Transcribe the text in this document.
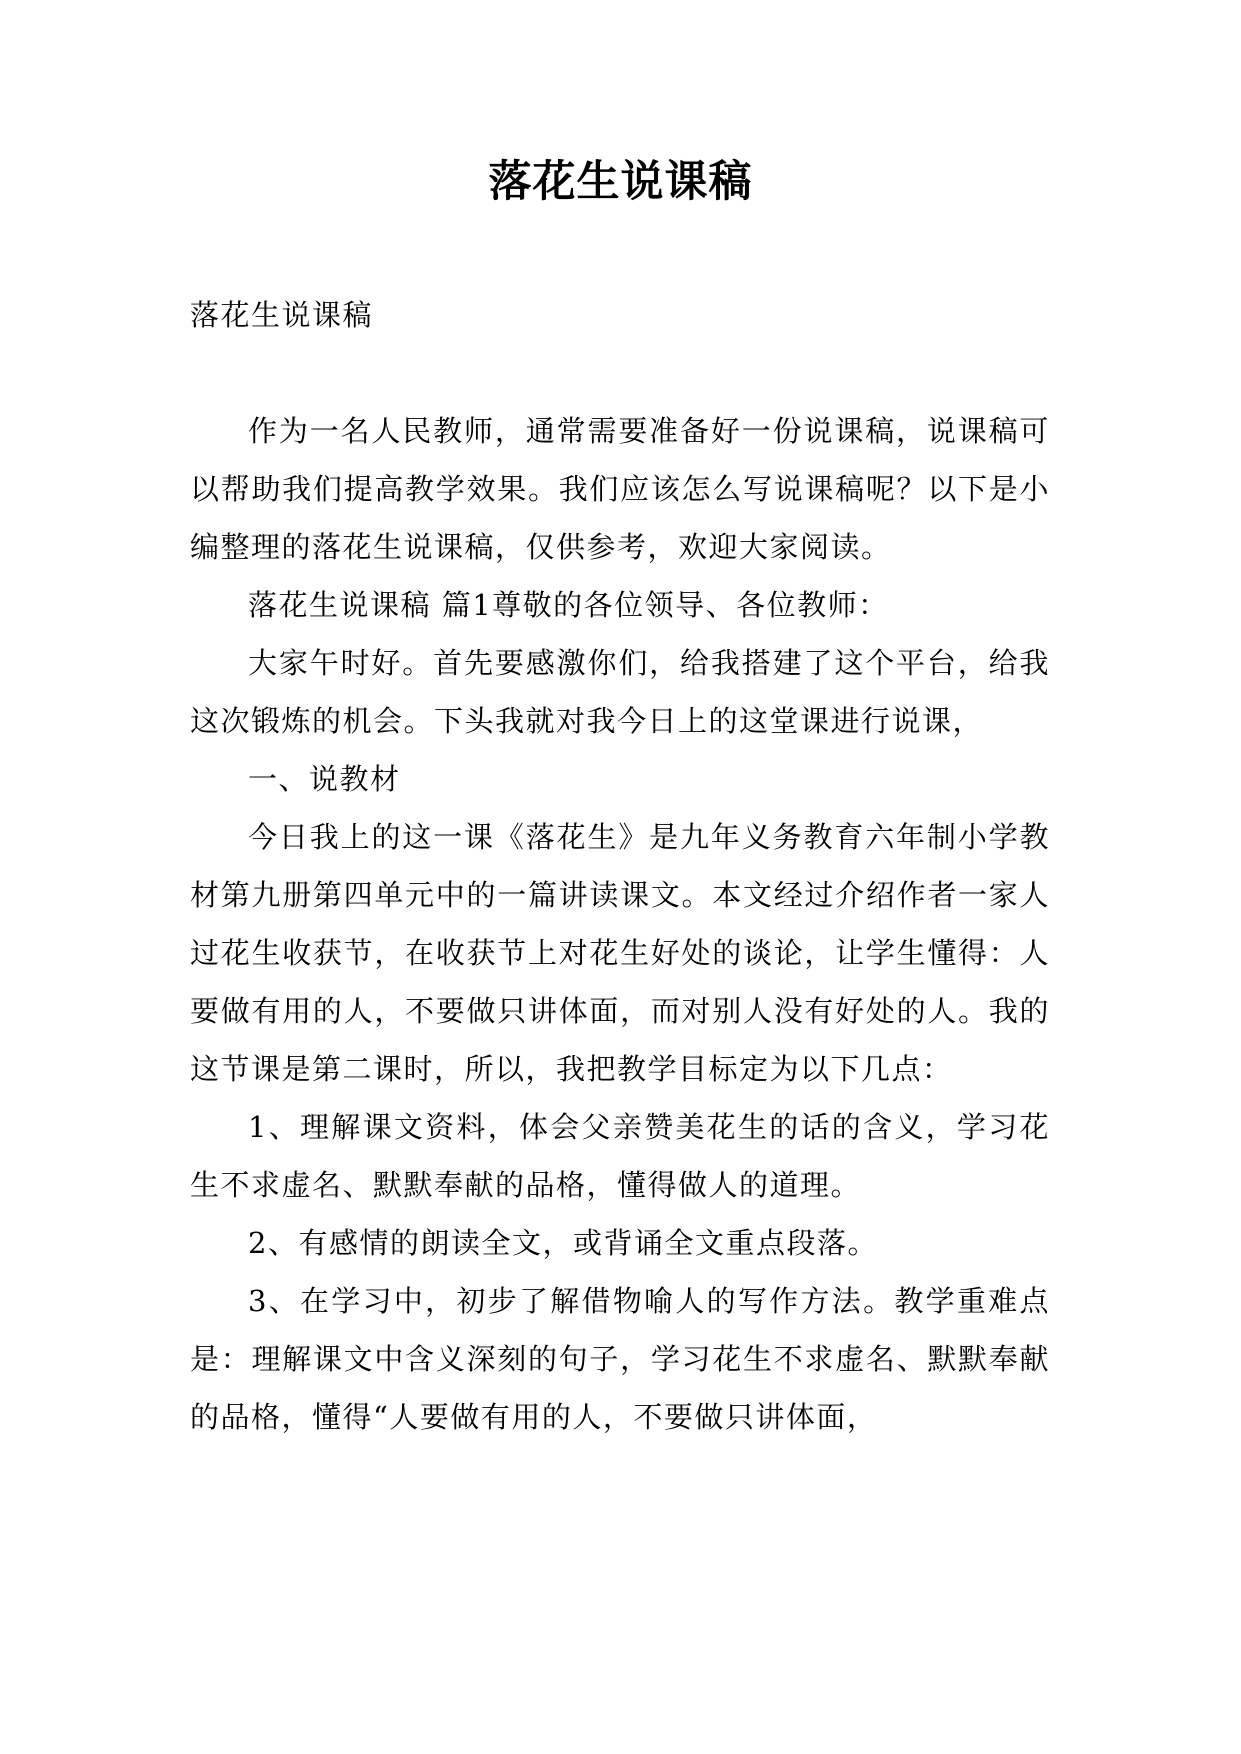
落花生说课稿
落花生说课稿

作为一名人民教师，通常需要准备好一份说课稿，说课稿可以帮助我们提高教学效果。我们应该怎么写说课稿呢？以下是小编整理的落花生说课稿，仅供参考，欢迎大家阅读。

落花生说课稿 篇1尊敬的各位领导、各位教师：

大家午时好。首先要感激你们，给我搭建了这个平台，给我这次锻炼的机会。下头我就对我今日上的这堂课进行说课，

一、说教材

今日我上的这一课《落花生》是九年义务教育六年制小学教材第九册第四单元中的一篇讲读课文。本文经过介绍作者一家人过花生收获节，在收获节上对花生好处的谈论，让学生懂得：人要做有用的人，不要做只讲体面，而对别人没有好处的人。我的这节课是第二课时，所以，我把教学目标定为以下几点：

1、理解课文资料，体会父亲赞美花生的话的含义，学习花生不求虚名、默默奉献的品格，懂得做人的道理。

2、有感情的朗读全文，或背诵全文重点段落。

3、在学习中，初步了解借物喻人的写作方法。教学重难点是：理解课文中含义深刻的句子，学习花生不求虚名、默默奉献的品格，懂得“人要做有用的人，不要做只讲体面，
